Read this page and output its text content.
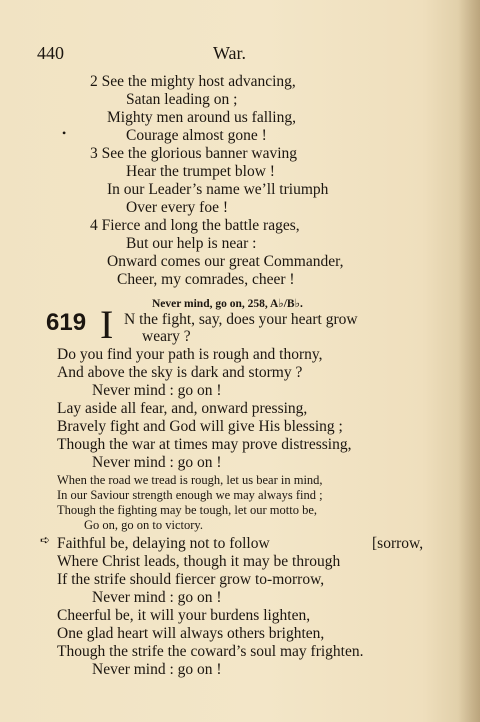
440	War.
2 See the mighty host advancing,
Satan leading on ;
Mighty men around us falling,
•	Courage almost gone !
3 See the glorious banner waving
Hear the trumpet blow !
In our Leader’s name we’ll triumph
Over every foe !
4 Fierce and long the battle rages,
But our help is near :
Onward comes our great Commander,
Cheer, my comrades, cheer !
Never mind, go on, 258, A♭/B♭.
619 I N the fight, say, does your heart grow
weary ?
Do you find your path is rough and thorny,
And above the sky is dark and stormy ?
Never mind : go on !
Lay aside all fear, and, onward pressing,
Bravely fight and God will give His blessing ;
Though the war at times may prove distressing,
Never mind : go on !
When the road we tread is rough, let us bear in mind,
In our Saviour strength enough we may always find ;
Though the fighting may be tough, let our motto be,
Go on, go on to victory.
➪ Faithful be, delaying not to follow	[sorrow,
Where Christ leads, though it may be through
If the strife should fiercer grow to-morrow,
Never mind : go on !
Cheerful be, it will your burdens lighten,
One glad heart will always others brighten,
Though the strife the coward’s soul may frighten.
Never mind : go on !
